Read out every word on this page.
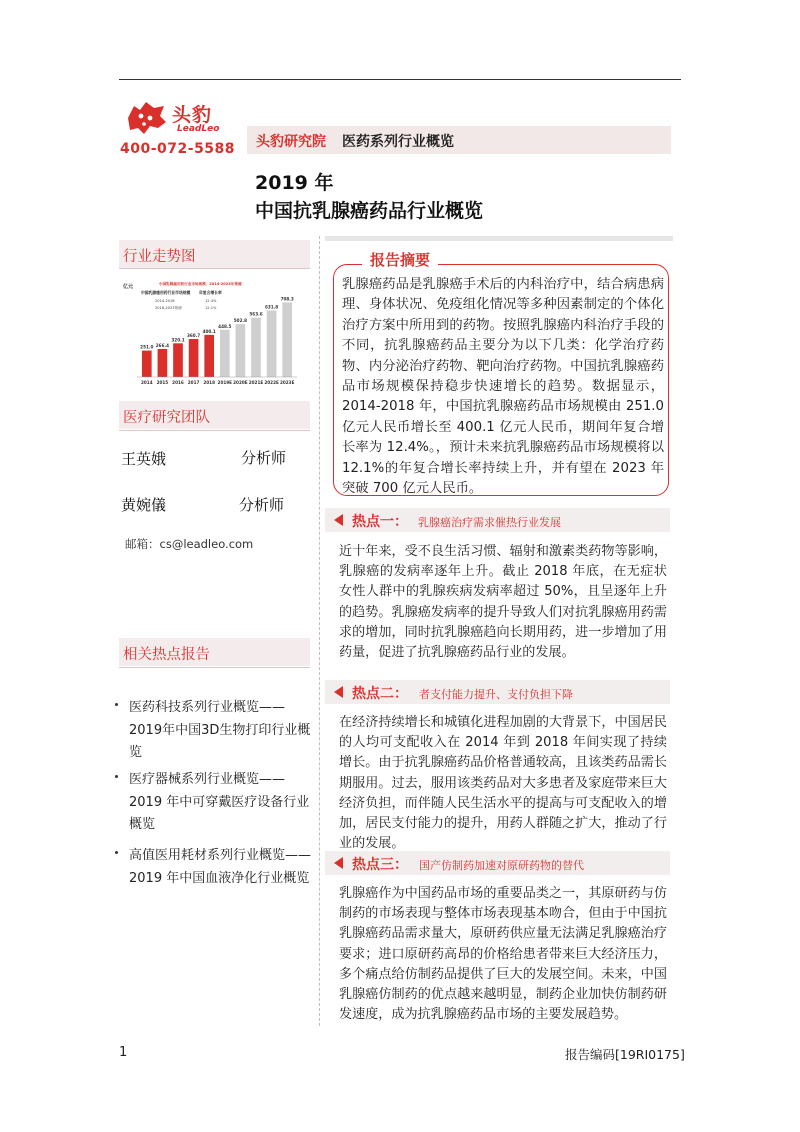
头豹
LeadLeo
400-072-5588 头豹研究院 医药系列行业概览
2019 年
中国抗乳腺癌药品行业概览
行业走势图
亿元
中国乳腺癌用药行业市场规模 年复合增长率
中国乳腺癌用药行业市场规模，2014-2023年预测
2014-2018	12.4%
2018-2023预测	12.1%
251.0
2014
266.4
2015
320.1
2016
360.7
2017
400.1
2018
448.5
2019E
502.8
2020E
563.6
2021E
631.8
2022E
708.3
2023E
医疗研究团队
王英娥	分析师
黄婉儀	分析师
邮箱：cs@leadleo.com
相关热点报告

医药科技系列行业概览——2019年中国3D生物打印行业概览

医疗器械系列行业概览——2019 年中可穿戴医疗设备行业概览

高值医用耗材系列行业概览——2019 年中国血液净化行业概览

报告摘要
乳腺癌药品是乳腺癌手术后的内科治疗中，结合病患病理、身体状况、免疫组化情况等多种因素制定的个体化治疗方案中所用到的药物。按照乳腺癌内科治疗手段的不同，抗乳腺癌药品主要分为以下几类：化学治疗药物、内分泌治疗药物、靶向治疗药物。中国抗乳腺癌药品市场规模保持稳步快速增长的趋势。数据显示，2014-2018 年，中国抗乳腺癌药品市场规模由 251.0 亿元人民币增长至 400.1 亿元人民币，期间年复合增长率为 12.4%。，预计未来抗乳腺癌药品市场规模将以 12.1%的年复合增长率持续上升，并有望在 2023 年突破 700 亿元人民币。
热点一： 乳腺癌治疗需求催热行业发展
近十年来，受不良生活习惯、辐射和激素类药物等影响，乳腺癌的发病率逐年上升。截止 2018 年底，在无症状女性人群中的乳腺疾病发病率超过 50%，且呈逐年上升的趋势。乳腺癌发病率的提升导致人们对抗乳腺癌用药需求的增加，同时抗乳腺癌趋向长期用药，进一步增加了用药量，促进了抗乳腺癌药品行业的发展。
热点二： 者支付能力提升、支付负担下降
在经济持续增长和城镇化进程加剧的大背景下，中国居民的人均可支配收入在 2014 年到 2018 年间实现了持续增长。由于抗乳腺癌药品价格普通较高，且该类药品需长期服用。过去，服用该类药品对大多患者及家庭带来巨大经济负担，而伴随人民生活水平的提高与可支配收入的增加，居民支付能力的提升，用药人群随之扩大，推动了行业的发展。
热点三： 国产仿制药加速对原研药物的替代
乳腺癌作为中国药品市场的重要品类之一，其原研药与仿制药的市场表现与整体市场表现基本吻合，但由于中国抗乳腺癌药品需求量大，原研药供应量无法满足乳腺癌治疗要求；进口原研药高昂的价格给患者带来巨大经济压力，多个痛点给仿制药品提供了巨大的发展空间。未来，中国乳腺癌仿制药的优点越来越明显，制药企业加快仿制药研发速度，成为抗乳腺癌药品市场的主要发展趋势。
1	报告编码[19RI0175]
